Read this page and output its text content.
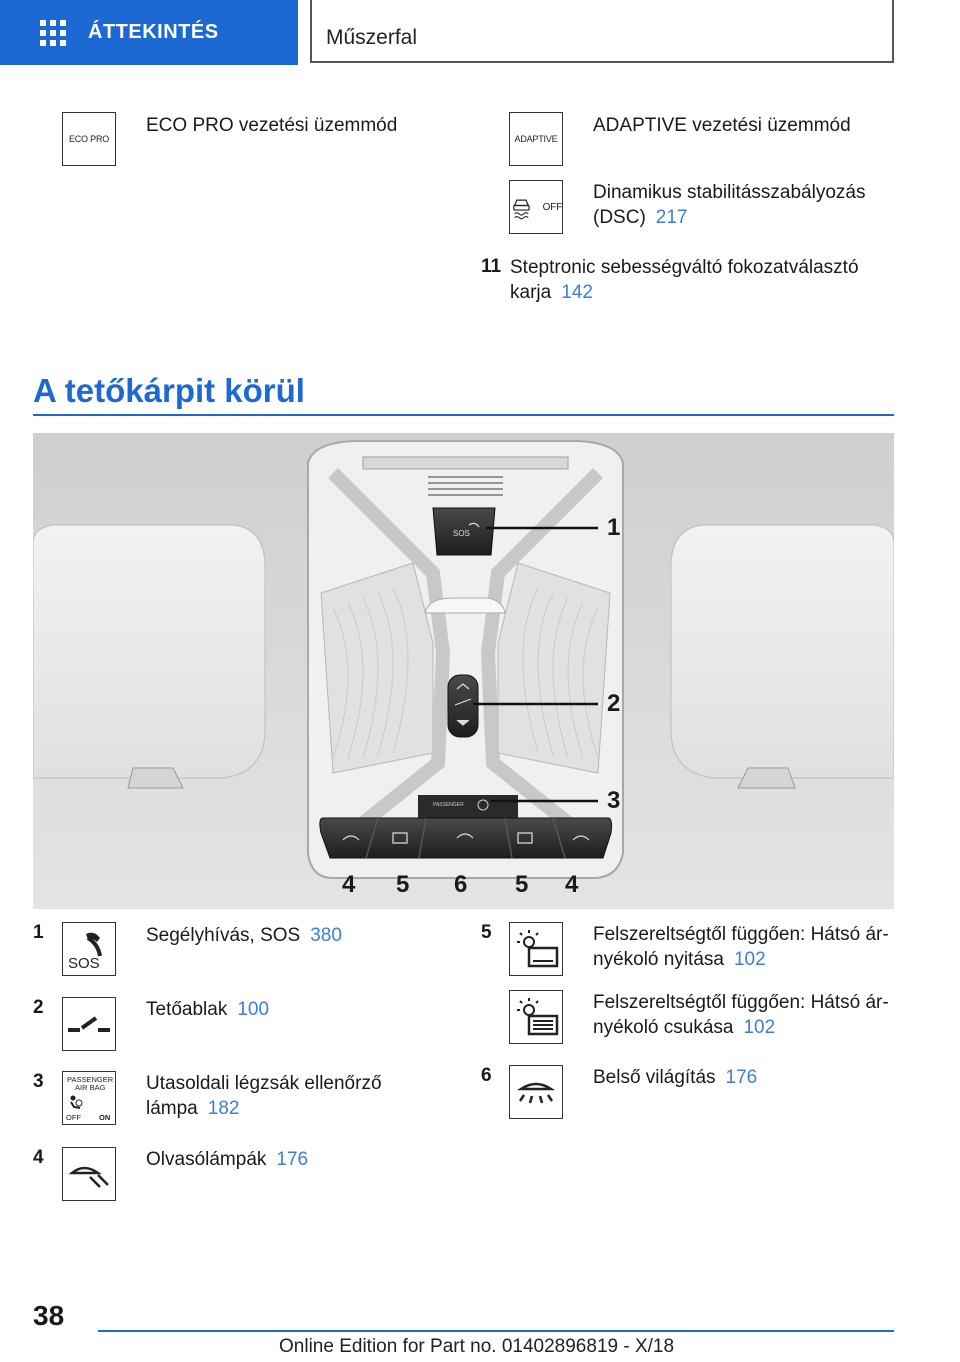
ÁTTEKINTÉS	Műszerfal
ECO PRO
ECO PRO vezetési üzemmód
ADAPTIVE
ADAPTIVE vezetési üzemmód
OFF
Dinamikus stabilitásszabályozás
(DSC) 217
11 Steptronic sebességváltó fokozatválasztó
karja 142
A tetőkárpit körül
SOS
PASSENGER
1
2
3
4 5 6 5 4
1
SOS
Segélyhívás, SOS 380
2	Tetőablak 100
3	PASSENGER
AIR BAG
OFF ON
Utasoldali légzsák ellenőrző
lámpa 182
4	Olvasólámpák 176
5	Felszereltségtől függően: Hátsó ár-
nyékoló nyitása 102
Felszereltségtől függően: Hátsó ár-
nyékoló csukása 102
6	Belső világítás 176
38
Online Edition for Part no. 01402896819 - X/18
